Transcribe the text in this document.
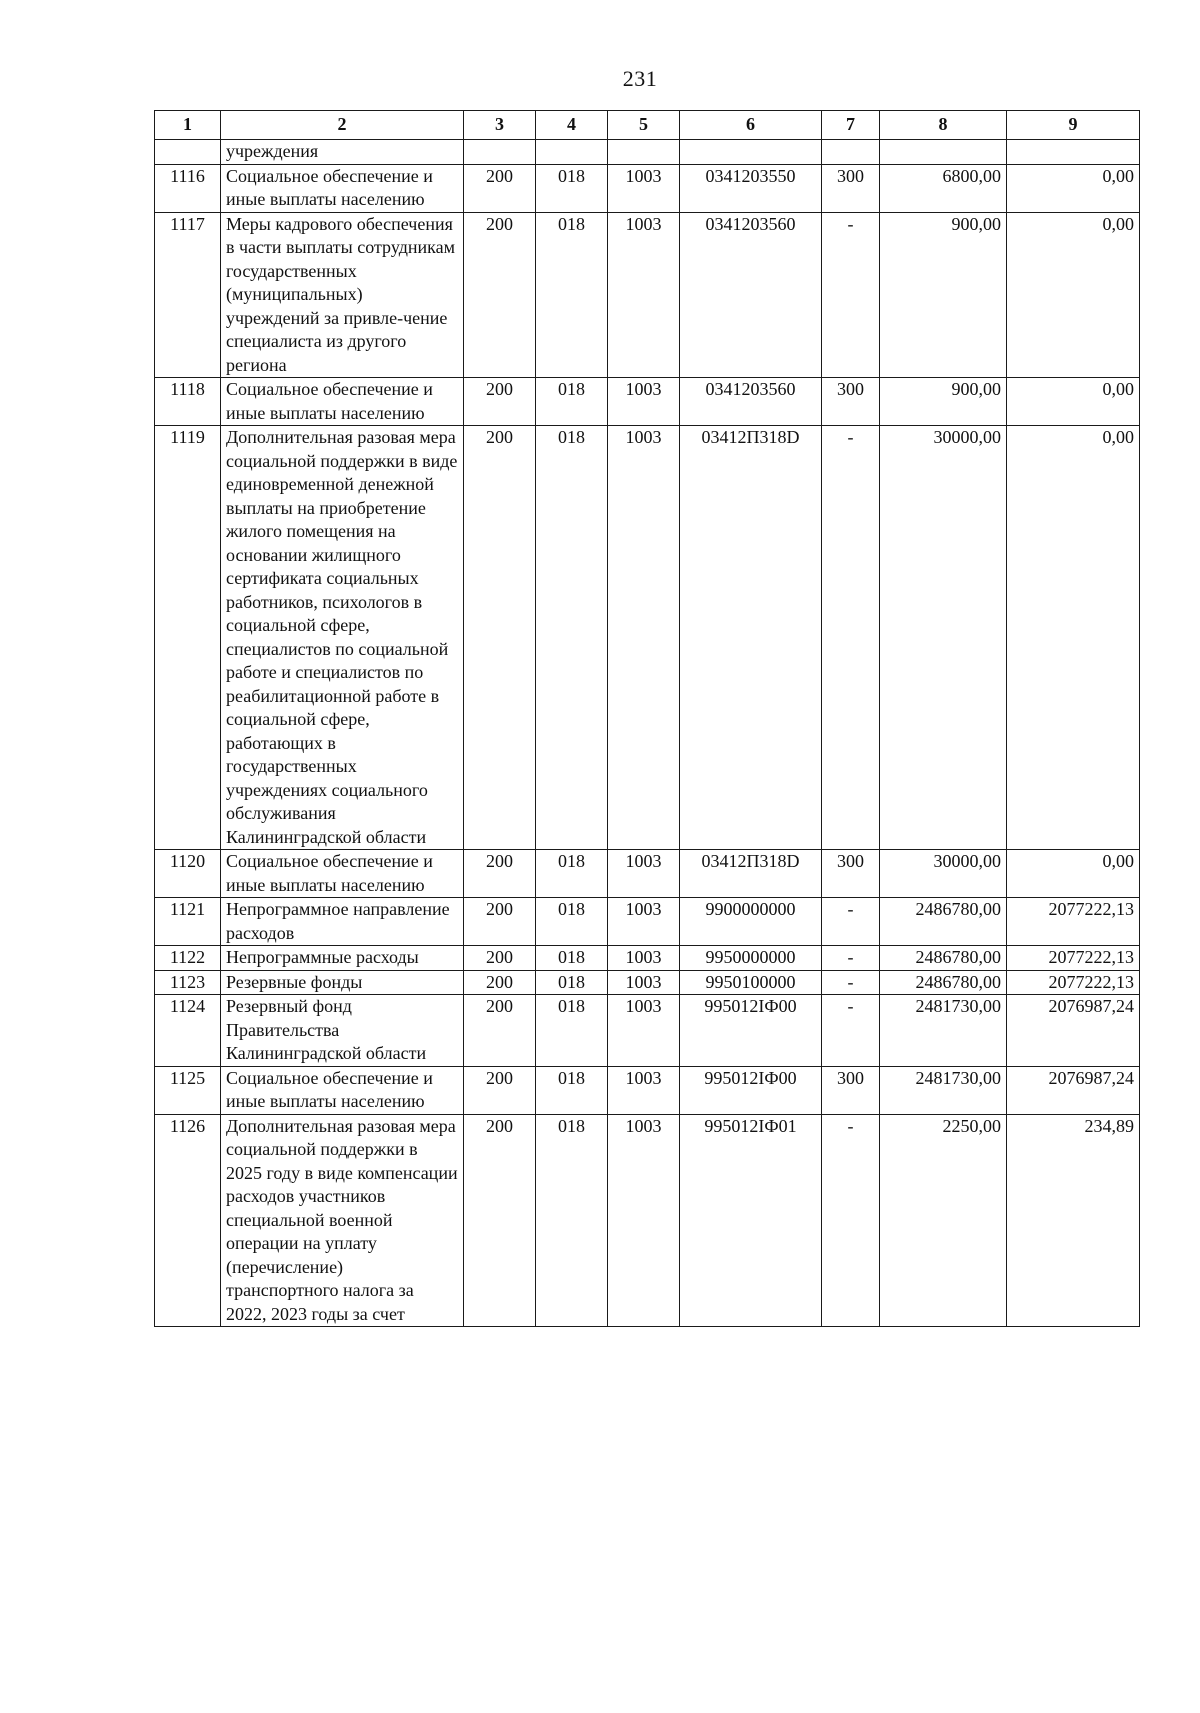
231
1	2	3	4	5	6	7	8	9
	учреждения							
1116	Социальное обеспечение и иные выплаты населению	200	018	1003	0341203550	300	6800,00	0,00
1117	Меры кадрового обеспечения в части выплаты сотрудникам государственных (муниципальных) учреждений за привле-чение специалиста из другого региона	200	018	1003	0341203560	-	900,00	0,00
1118	Социальное обеспечение и иные выплаты населению	200	018	1003	0341203560	300	900,00	0,00
1119	Дополнительная разовая мера социальной поддержки в виде единовременной денежной выплаты на приобретение жилого помещения на основании жилищного сертификата социальных работников, психологов в социальной сфере, специалистов по социальной работе и специалистов по реабилитационной работе в социальной сфере, работающих в государственных учреждениях социального обслуживания Калининградской области	200	018	1003	03412П318D	-	30000,00	0,00
1120	Социальное обеспечение и иные выплаты населению	200	018	1003	03412П318D	300	30000,00	0,00
1121	Непрограммное направление расходов	200	018	1003	9900000000	-	2486780,00	2077222,13
1122	Непрограммные расходы	200	018	1003	9950000000	-	2486780,00	2077222,13
1123	Резервные фонды	200	018	1003	9950100000	-	2486780,00	2077222,13
1124	Резервный фонд Правительства Калининградской области	200	018	1003	995012IФ00	-	2481730,00	2076987,24
1125	Социальное обеспечение и иные выплаты населению	200	018	1003	995012IФ00	300	2481730,00	2076987,24
1126	Дополнительная разовая мера социальной поддержки в 2025 году в виде компенсации расходов участников специальной военной операции на уплату (перечисление) транспортного налога за 2022, 2023 годы за счет	200	018	1003	995012IФ01	-	2250,00	234,89
